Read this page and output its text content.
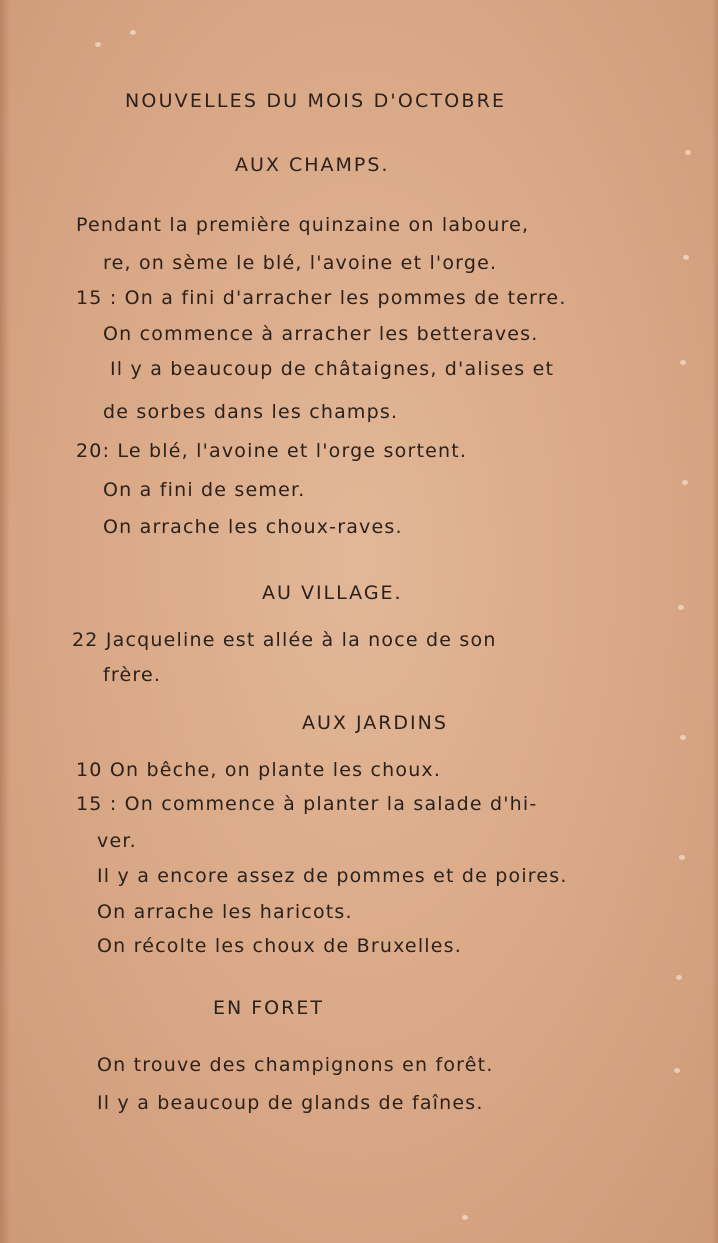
NOUVELLES DU MOIS D'OCTOBRE
AUX CHAMPS.
Pendant la première quinzaine on laboure,
re, on sème le blé, l'avoine et l'orge.
15 : On a fini d'arracher les pommes de terre.
On commence à arracher les betteraves.
Il y a beaucoup de châtaignes, d'alises et
de sorbes dans les champs.
20: Le blé, l'avoine et l'orge sortent.
On a fini de semer.
On arrache les choux-raves.
AU VILLAGE.
22 Jacqueline est allée à la noce de son
frère.
AUX JARDINS
10 On bêche, on plante les choux.
15 : On commence à planter la salade d'hi-
ver.
Il y a encore assez de pommes et de poires.
On arrache les haricots.
On récolte les choux de Bruxelles.
EN FORET
On trouve des champignons en forêt.
Il y a beaucoup de glands de faînes.
